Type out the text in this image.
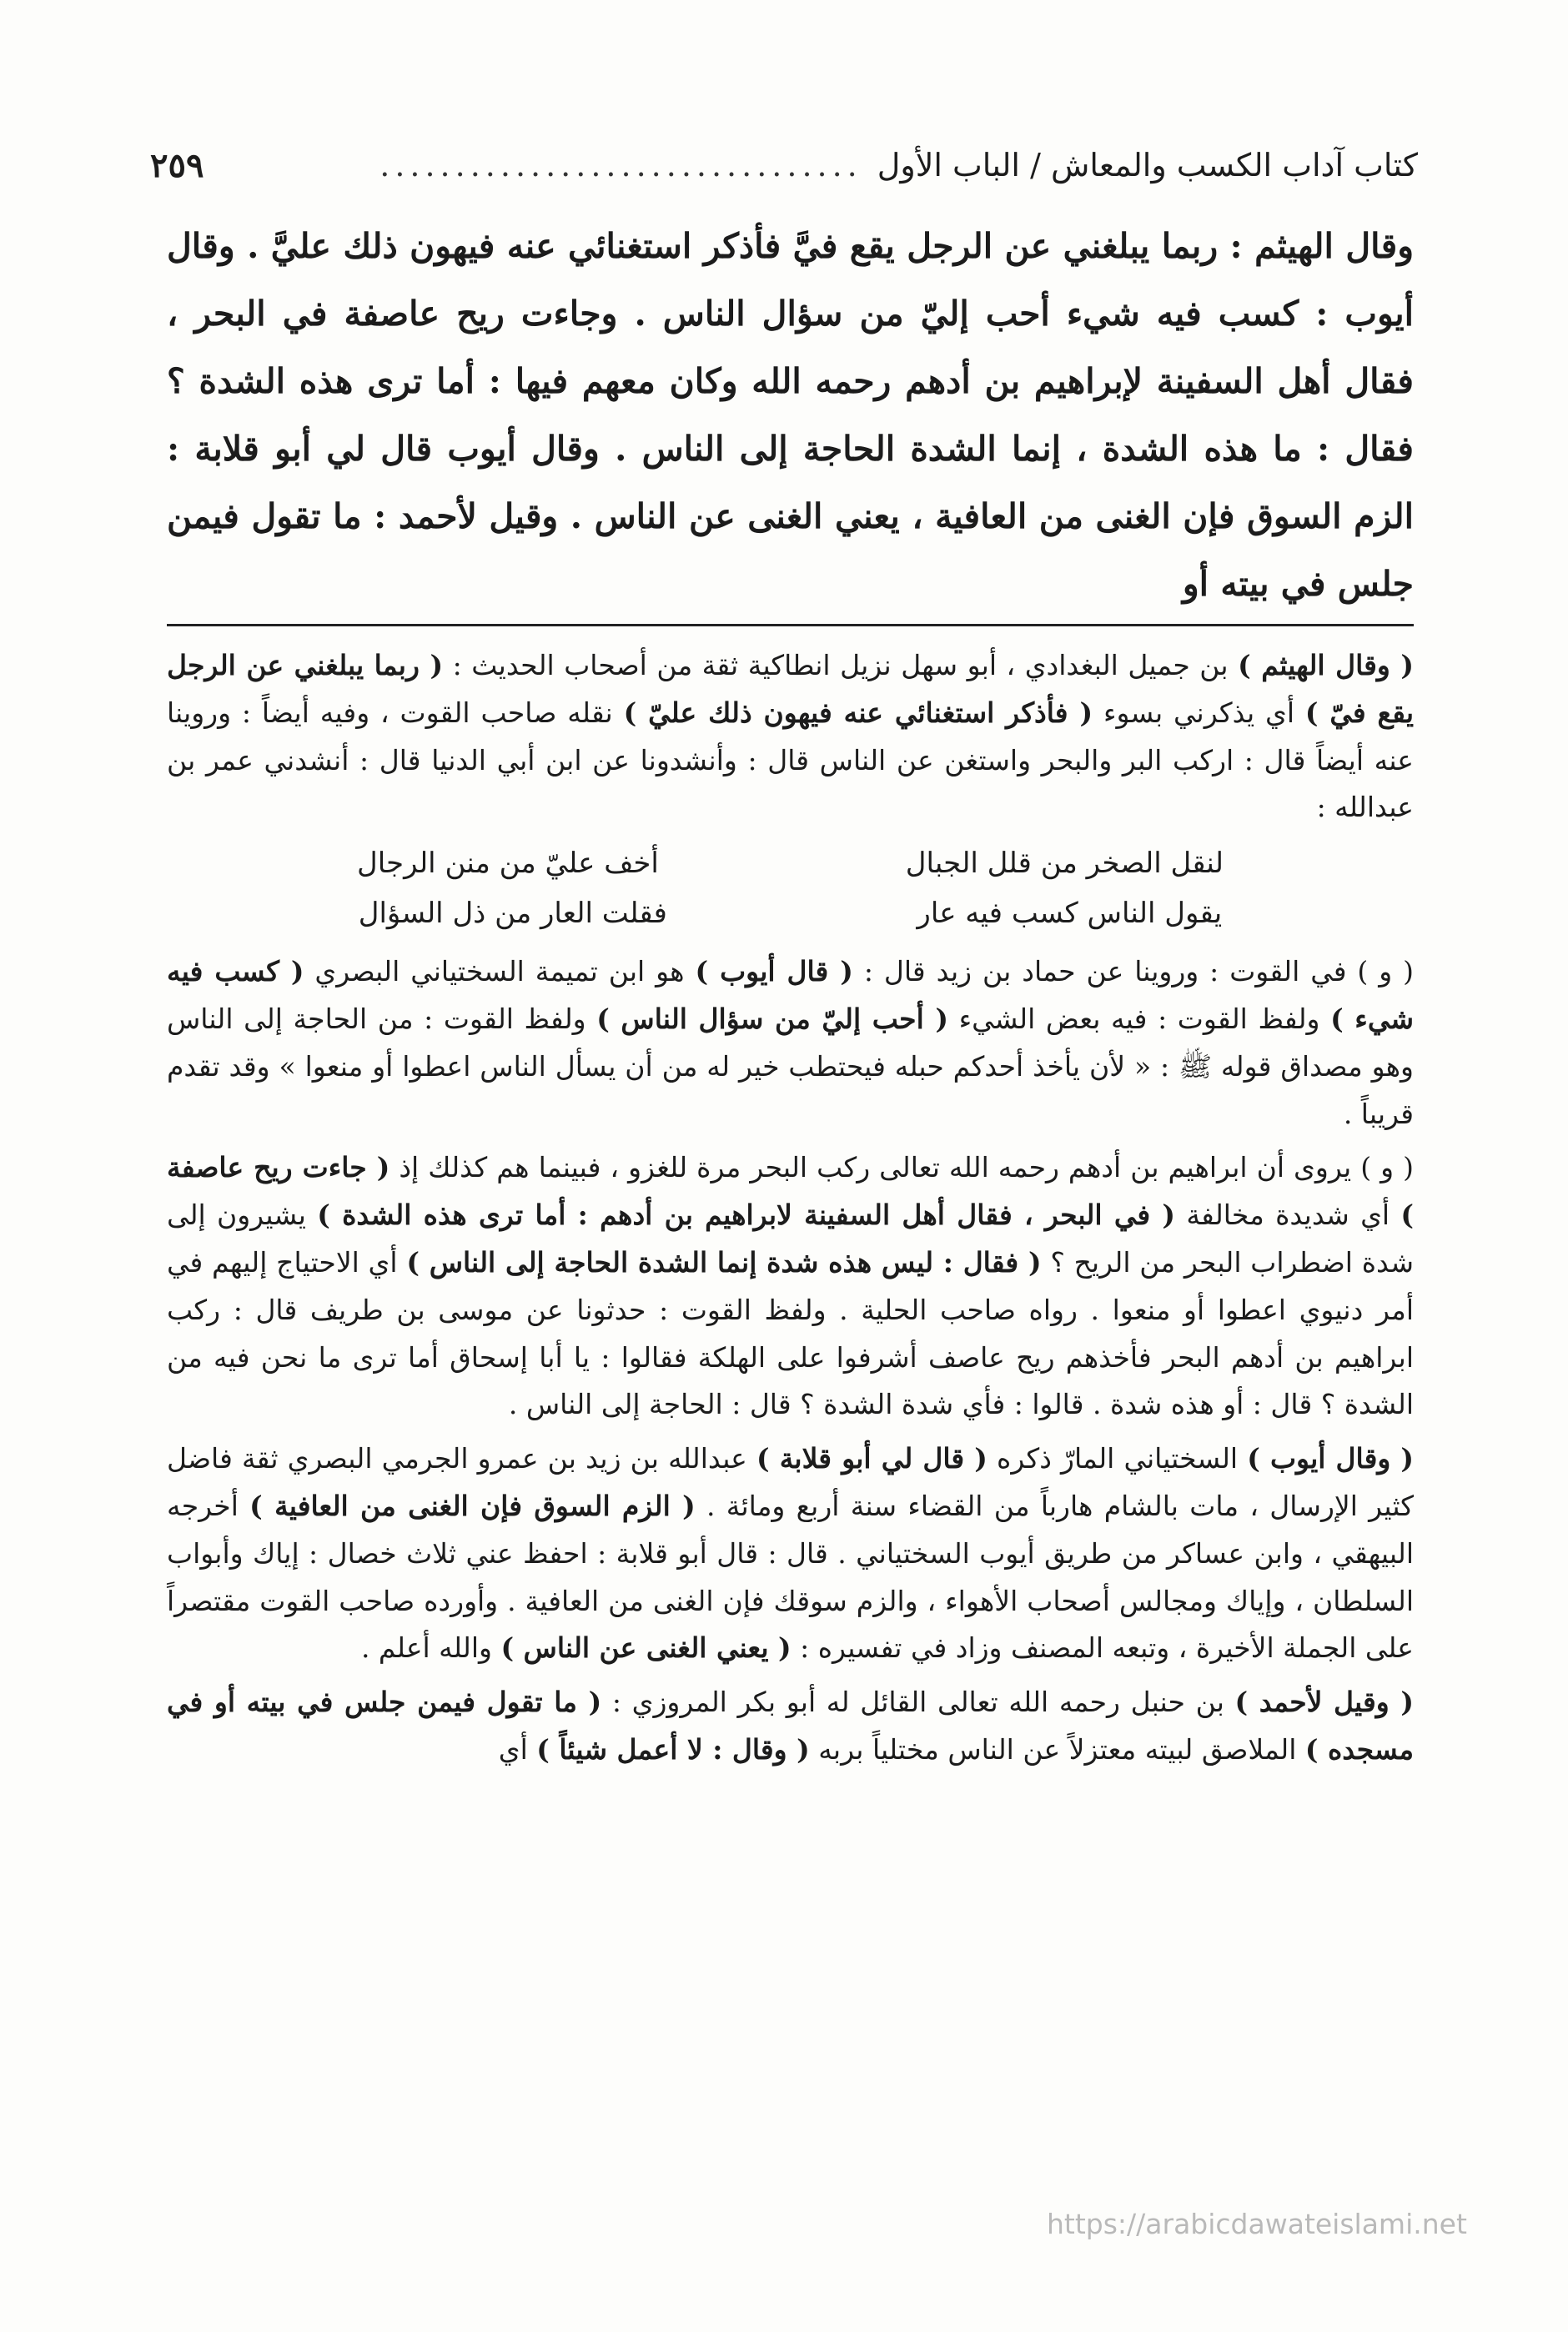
كتاب آداب الكسب والمعاش / الباب الأول
................................
٢٥٩

وقال الهيثم : ربما يبلغني عن الرجل يقع فيَّ فأذكر استغنائي عنه فيهون ذلك عليَّ . وقال أيوب : كسب فيه شيء أحب إليّ من سؤال الناس . وجاءت ريح عاصفة في البحر ، فقال أهل السفينة لإبراهيم بن أدهم رحمه الله وكان معهم فيها : أما ترى هذه الشدة ؟ فقال : ما هذه الشدة ، إنما الشدة الحاجة إلى الناس . وقال أيوب قال لي أبو قلابة : الزم السوق فإن الغنى من العافية ، يعني الغنى عن الناس . وقيل لأحمد : ما تقول فيمن جلس في بيته أو

( وقال الهيثم ) بن جميل البغدادي ، أبو سهل نزيل انطاكية ثقة من أصحاب الحديث : ( ربما يبلغني عن الرجل يقع فيّ ) أي يذكرني بسوء ( فأذكر استغنائي عنه فيهون ذلك عليّ ) نقله صاحب القوت ، وفيه أيضاً : وروينا عنه أيضاً قال : اركب البر والبحر واستغن عن الناس قال : وأنشدونا عن ابن أبي الدنيا قال : أنشدني عمر بن عبدالله :

لنقل الصخر من قلل الجبال
أخف عليّ من منن الرجال
يقول الناس كسب فيه عار
فقلت العار من ذل السؤال

( و ) في القوت : وروينا عن حماد بن زيد قال : ( قال أيوب ) هو ابن تميمة السختياني البصري ( كسب فيه شيء ) ولفظ القوت : فيه بعض الشيء ( أحب إليّ من سؤال الناس ) ولفظ القوت : من الحاجة إلى الناس وهو مصداق قوله ﷺ : « لأن يأخذ أحدكم حبله فيحتطب خير له من أن يسأل الناس اعطوا أو منعوا » وقد تقدم قريباً .

( و ) يروى أن ابراهيم بن أدهم رحمه الله تعالى ركب البحر مرة للغزو ، فبينما هم كذلك إذ ( جاءت ريح عاصفة ) أي شديدة مخالفة ( في البحر ، فقال أهل السفينة لابراهيم بن أدهم : أما ترى هذه الشدة ) يشيرون إلى شدة اضطراب البحر من الريح ؟ ( فقال : ليس هذه شدة إنما الشدة الحاجة إلى الناس ) أي الاحتياج إليهم في أمر دنيوي اعطوا أو منعوا . رواه صاحب الحلية . ولفظ القوت : حدثونا عن موسى بن طريف قال : ركب ابراهيم بن أدهم البحر فأخذهم ريح عاصف أشرفوا على الهلكة فقالوا : يا أبا إسحاق أما ترى ما نحن فيه من الشدة ؟ قال : أو هذه شدة . قالوا : فأي شدة الشدة ؟ قال : الحاجة إلى الناس .

( وقال أيوب ) السختياني المارّ ذكره ( قال لي أبو قلابة ) عبدالله بن زيد بن عمرو الجرمي البصري ثقة فاضل كثير الإرسال ، مات بالشام هارباً من القضاء سنة أربع ومائة . ( الزم السوق فإن الغنى من العافية ) أخرجه البيهقي ، وابن عساكر من طريق أيوب السختياني . قال : قال أبو قلابة : احفظ عني ثلاث خصال : إياك وأبواب السلطان ، وإياك ومجالس أصحاب الأهواء ، والزم سوقك فإن الغنى من العافية . وأورده صاحب القوت مقتصراً على الجملة الأخيرة ، وتبعه المصنف وزاد في تفسيره : ( يعني الغنى عن الناس ) والله أعلم .

( وقيل لأحمد ) بن حنبل رحمه الله تعالى القائل له أبو بكر المروزي : ( ما تقول فيمن جلس في بيته أو في مسجده ) الملاصق لبيته معتزلاً عن الناس مختلياً بربه ( وقال : لا أعمل شيئاً ) أي

https://arabicdawateislami.net
